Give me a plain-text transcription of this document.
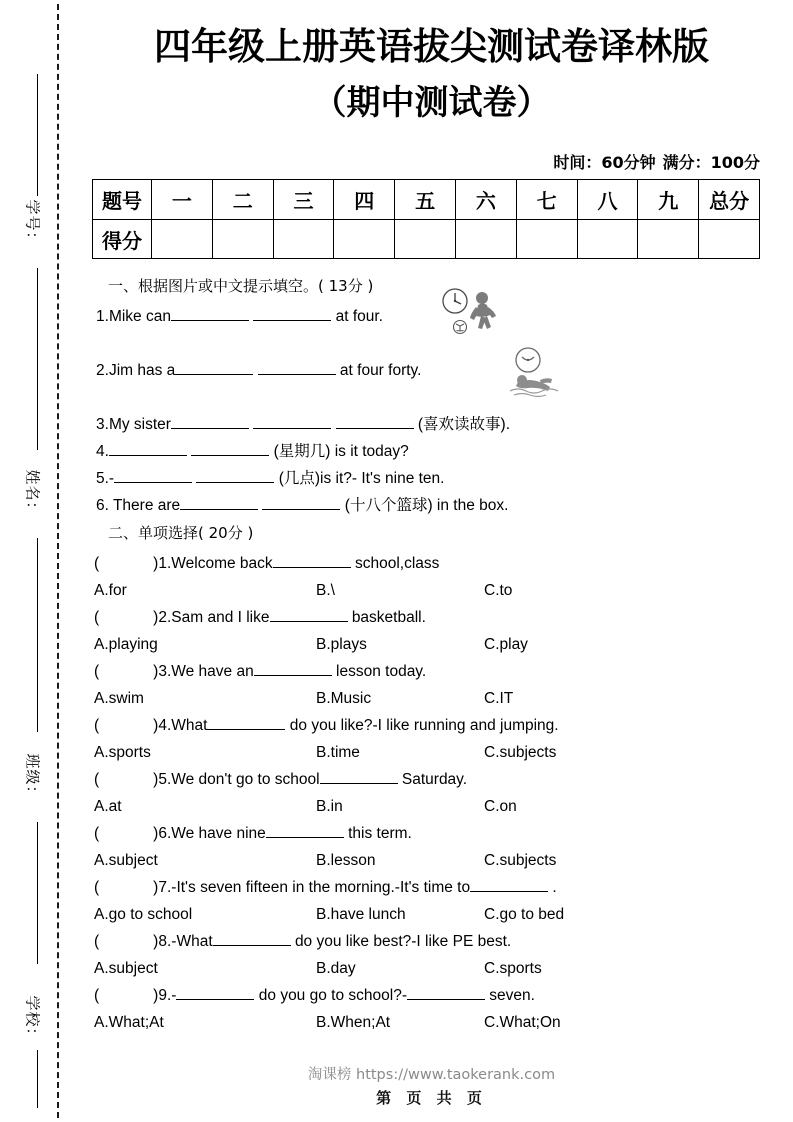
学号：
姓名：
班级：
学校：
四年级上册英语拔尖测试卷译林版
（期中测试卷）
时间：60分钟 满分：100分
题号	一	二	三	四	五	六	七	八	九	总分
得分										
一、根据图片或中文提示填空。( 13分 )
1.Mike can	at four.
2.Jim has a	at four forty.
3.My sister	(喜欢读故事).
4.	(星期几) is it today?
5.-	(几点)is it?- It's nine ten.
6. There are	(十八个篮球) in the box.
二、单项选择( 20分 )
(	)1.Welcome back	school,class
A.for	B.\	C.to
(	)2.Sam and I like	basketball.
A.playing	B.plays	C.play
(	)3.We have an	lesson today.
A.swim	B.Music	C.IT
(	)4.What	do you like?-I like running and jumping.
A.sports	B.time	C.subjects
(	)5.We don't go to school	Saturday.
A.at	B.in	C.on
(	)6.We have nine	this term.
A.subject	B.lesson	C.subjects
(	)7.-It's seven fifteen in the morning.-It's time to	.
A.go to school	B.have lunch	C.go to bed
(	)8.-What	do you like best?-I like PE best.
A.subject	B.day	C.sports
(	)9.-	do you go to school?-	seven.
A.What;At	B.When;At	C.What;On
淘课榜 https://www.taokerank.com
第 页 共 页
